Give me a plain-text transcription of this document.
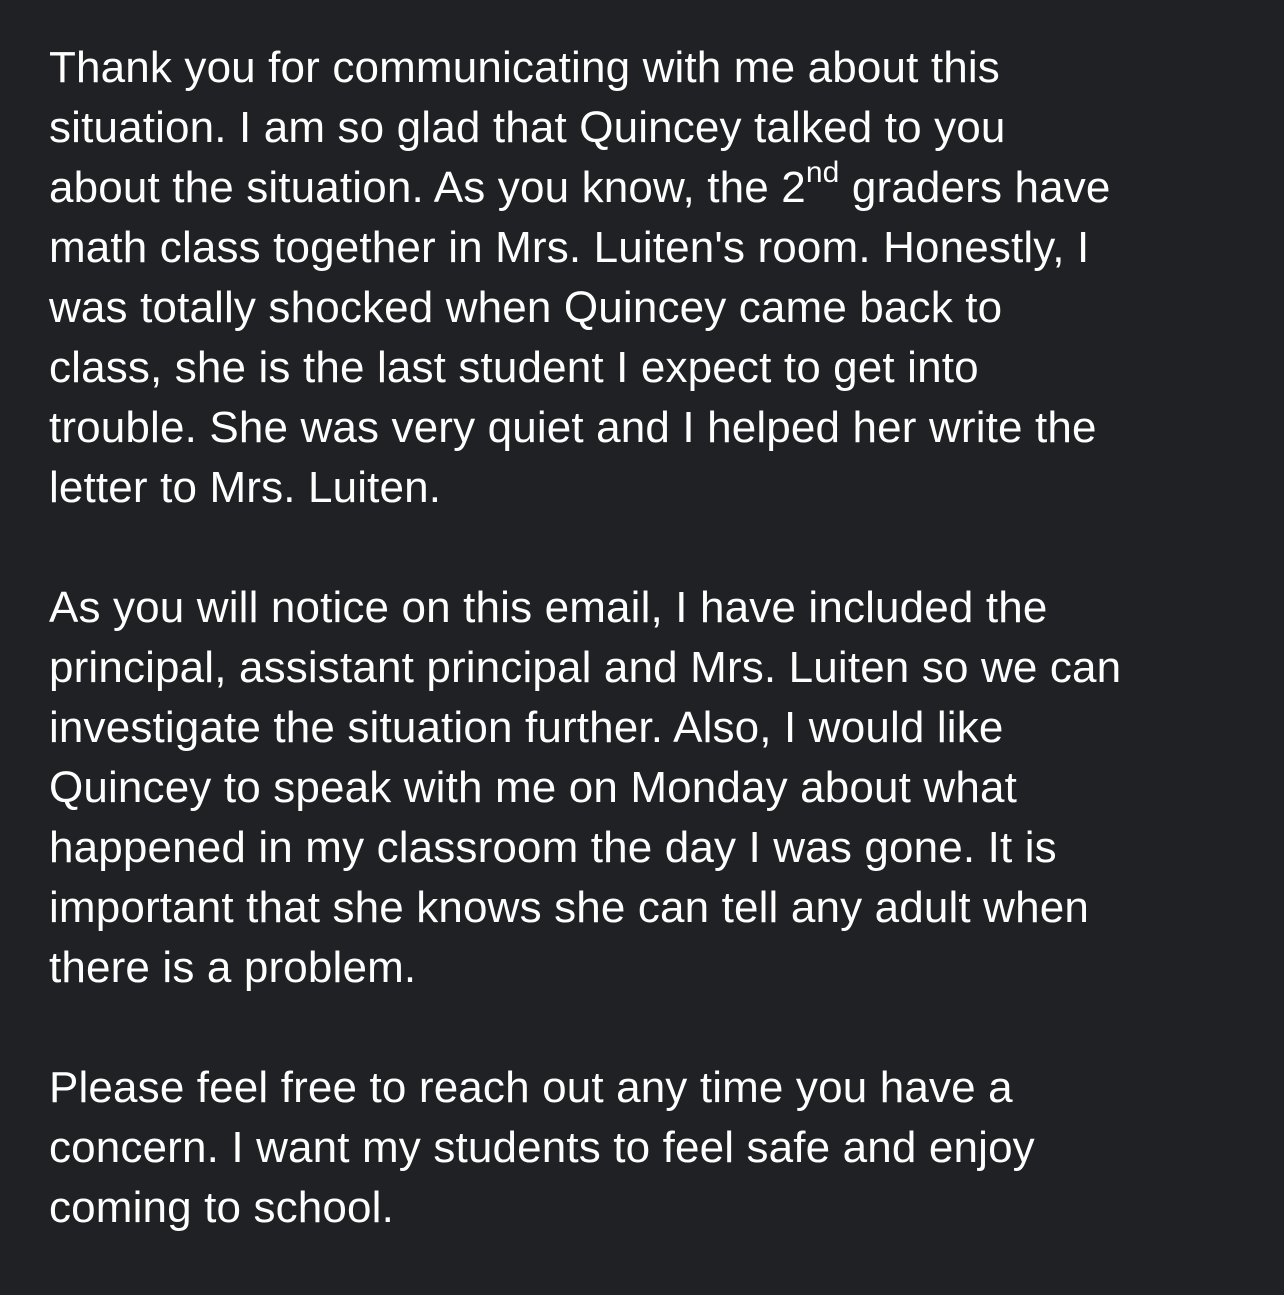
Thank you for communicating with me about this
situation. I am so glad that Quincey talked to you
about the situation. As you know, the 2nd graders have
math class together in Mrs. Luiten's room. Honestly, I
was totally shocked when Quincey came back to
class, she is the last student I expect to get into
trouble. She was very quiet and I helped her write the
letter to Mrs. Luiten.

As you will notice on this email, I have included the
principal, assistant principal and Mrs. Luiten so we can
investigate the situation further. Also, I would like
Quincey to speak with me on Monday about what
happened in my classroom the day I was gone. It is
important that she knows she can tell any adult when
there is a problem.

Please feel free to reach out any time you have a
concern. I want my students to feel safe and enjoy
coming to school.
